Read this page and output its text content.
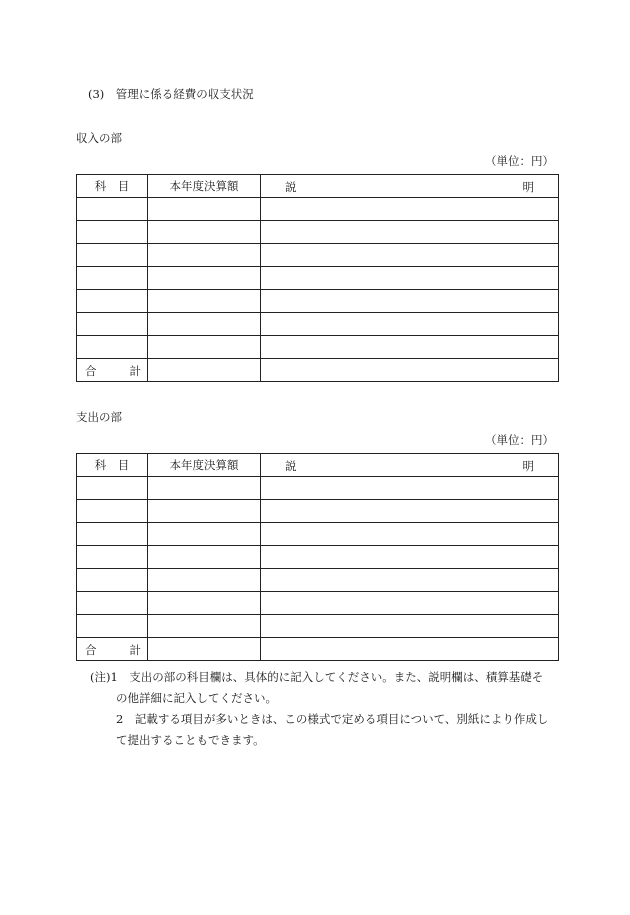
(3)　管理に係る経費の収支状況
収入の部
（単位：円）
科　目	本年度決算額	説 明

合 計		

支出の部
（単位：円）
科　目	本年度決算額	説 明

合 計		

(注)1　 支出の部の科目欄は、具体的に記入してください。また、説明欄は、積算基礎そ
の他詳細に記入してください。
2　 記載する項目が多いときは、この様式で定める項目について、別紙により作成し
て提出することもできます。
